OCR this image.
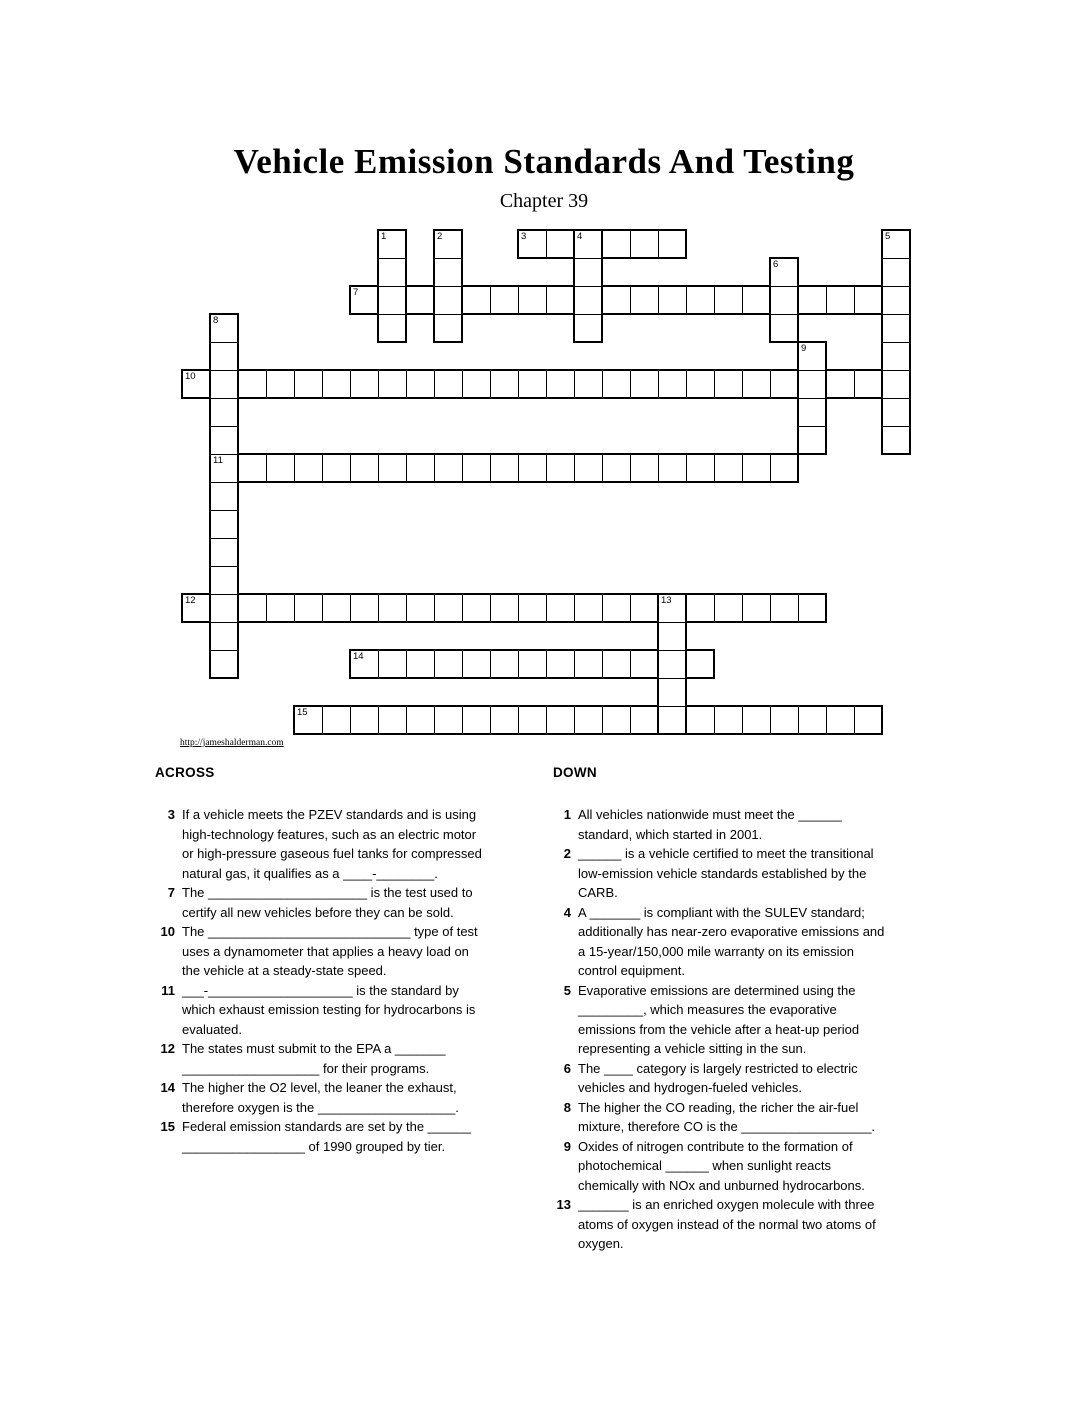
Vehicle Emission Standards And Testing
Chapter 39
1	2	3	4	5
6
7
8
9
10
11
12	13
14
15
http://jameshalderman.com
ACROSS
3 If a vehicle meets the PZEV standards and is using high-technology features, such as an electric motor or high-pressure gaseous fuel tanks for compressed natural gas, it qualifies as a ____-________.
7 The ______________________ is the test used to certify all new vehicles before they can be sold.
10 The ____________________________ type of test uses a dynamometer that applies a heavy load on the vehicle at a steady-state speed.
11 ___-____________________ is the standard by which exhaust emission testing for hydrocarbons is evaluated.
12 The states must submit to the EPA a _______ ___________________ for their programs.
14 The higher the O2 level, the leaner the exhaust, therefore oxygen is the ___________________.
15 Federal emission standards are set by the ______ _________________ of 1990 grouped by tier.
DOWN
1 All vehicles nationwide must meet the ______ standard, which started in 2001.
2 ______ is a vehicle certified to meet the transitional low-emission vehicle standards established by the CARB.
4 A _______ is compliant with the SULEV standard; additionally has near-zero evaporative emissions and a 15-year/150,000 mile warranty on its emission control equipment.
5 Evaporative emissions are determined using the _________, which measures the evaporative emissions from the vehicle after a heat-up period representing a vehicle sitting in the sun.
6 The ____ category is largely restricted to electric vehicles and hydrogen-fueled vehicles.
8 The higher the CO reading, the richer the air-fuel mixture, therefore CO is the __________________.
9 Oxides of nitrogen contribute to the formation of photochemical ______ when sunlight reacts chemically with NOx and unburned hydrocarbons.
13 _______ is an enriched oxygen molecule with three atoms of oxygen instead of the normal two atoms of oxygen.
